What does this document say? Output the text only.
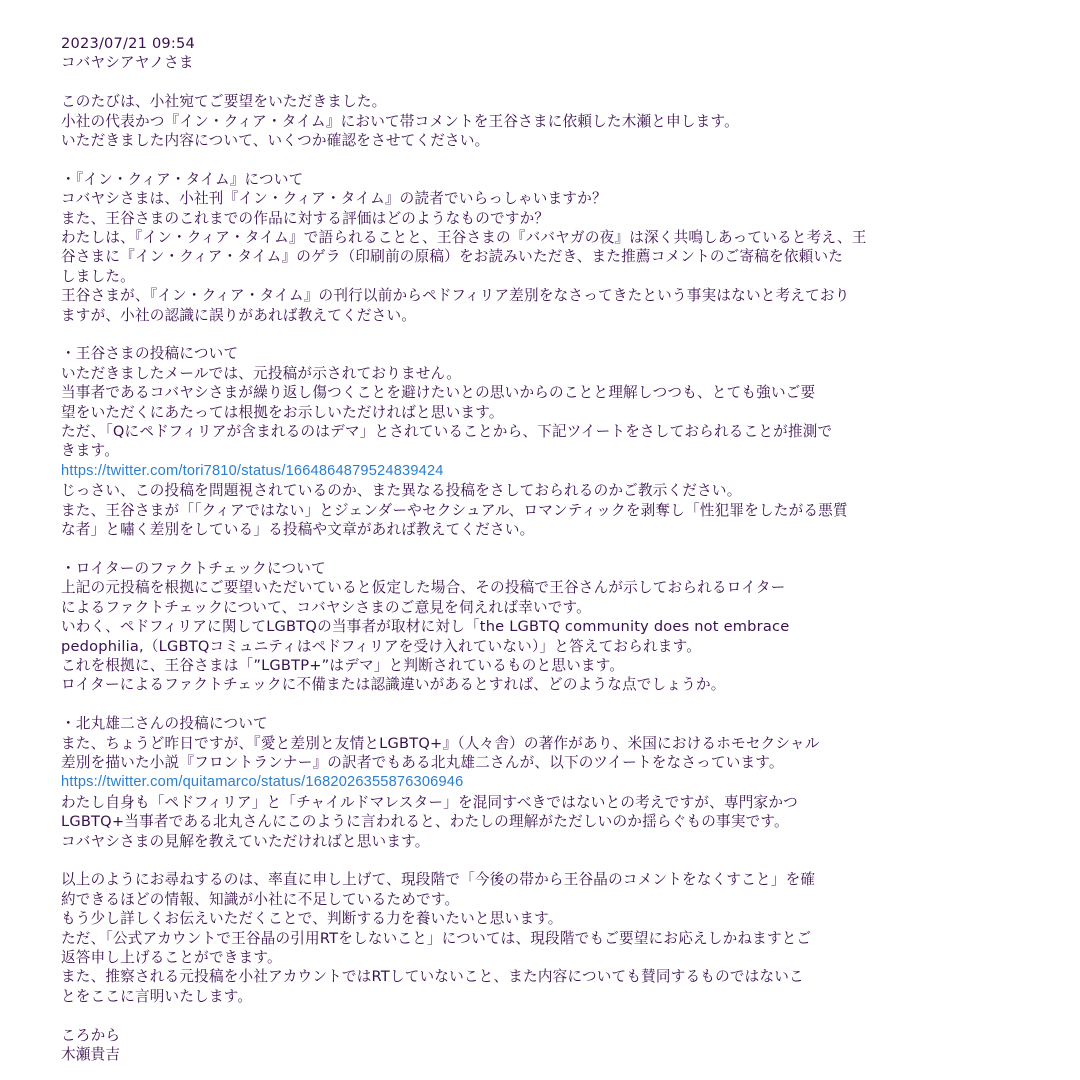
2023/07/21 09:54
コバヤシアヤノさま
このたびは、小社宛てご要望をいただきました。
小社の代表かつ『イン・クィア・タイム』において帯コメントを王谷さまに依頼した木瀬と申します。
いただきました内容について、いくつか確認をさせてください。
・『イン・クィア・タイム』について
コバヤシさまは、小社刊『イン・クィア・タイム』の読者でいらっしゃいますか？
また、王谷さまのこれまでの作品に対する評価はどのようなものですか？
わたしは、『イン・クィア・タイム』で語られることと、王谷さまの『ババヤガの夜』は深く共鳴しあっていると考え、王
谷さまに『イン・クィア・タイム』のゲラ（印刷前の原稿）をお読みいただき、また推薦コメントのご寄稿を依頼いた
しました。
王谷さまが、『イン・クィア・タイム』の刊行以前からペドフィリア差別をなさってきたという事実はないと考えており
ますが、小社の認識に誤りがあれば教えてください。
・王谷さまの投稿について
いただきましたメールでは、元投稿が示されておりません。
当事者であるコバヤシさまが繰り返し傷つくことを避けたいとの思いからのことと理解しつつも、とても強いご要
望をいただくにあたっては根拠をお示しいただければと思います。
ただ、「Qにペドフィリアが含まれるのはデマ」とされていることから、下記ツイートをさしておられることが推測で
きます。
https://twitter.com/tori7810/status/1664864879524839424
じっさい、この投稿を問題視されているのか、また異なる投稿をさしておられるのかご教示ください。
また、王谷さまが「「クィアではない」とジェンダーやセクシュアル、ロマンティックを剥奪し「性犯罪をしたがる悪質
な者」と嘯く差別をしている」る投稿や文章があれば教えてください。
・ロイターのファクトチェックについて
上記の元投稿を根拠にご要望いただいていると仮定した場合、その投稿で王谷さんが示しておられるロイター
によるファクトチェックについて、コバヤシさまのご意見を伺えれば幸いです。
いわく、ペドフィリアに関してLGBTQの当事者が取材に対し「the LGBTQ community does not embrace
pedophilia,（LGBTQコミュニティはペドフィリアを受け入れていない）」と答えておられます。
これを根拠に、王谷さまは「”LGBTP+”はデマ」と判断されているものと思います。
ロイターによるファクトチェックに不備または認識違いがあるとすれば、どのような点でしょうか。
・北丸雄二さんの投稿について
また、ちょうど昨日ですが、『愛と差別と友情とLGBTQ+』（人々舎）の著作があり、米国におけるホモセクシャル
差別を描いた小説『フロントランナー』の訳者でもある北丸雄二さんが、以下のツイートをなさっています。
https://twitter.com/quitamarco/status/1682026355876306946
わたし自身も「ペドフィリア」と「チャイルドマレスター」を混同すべきではないとの考えですが、専門家かつ
LGBTQ+当事者である北丸さんにこのように言われると、わたしの理解がただしいのか揺らぐもの事実です。
コバヤシさまの見解を教えていただければと思います。
以上のようにお尋ねするのは、率直に申し上げて、現段階で「今後の帯から王谷晶のコメントをなくすこと」を確
約できるほどの情報、知識が小社に不足しているためです。
もう少し詳しくお伝えいただくことで、判断する力を養いたいと思います。
ただ、「公式アカウントで王谷晶の引用RTをしないこと」については、現段階でもご要望にお応えしかねますとご
返答申し上げることができます。
また、推察される元投稿を小社アカウントではRTしていないこと、また内容についても賛同するものではないこ
とをここに言明いたします。
ころから
木瀬貴吉
